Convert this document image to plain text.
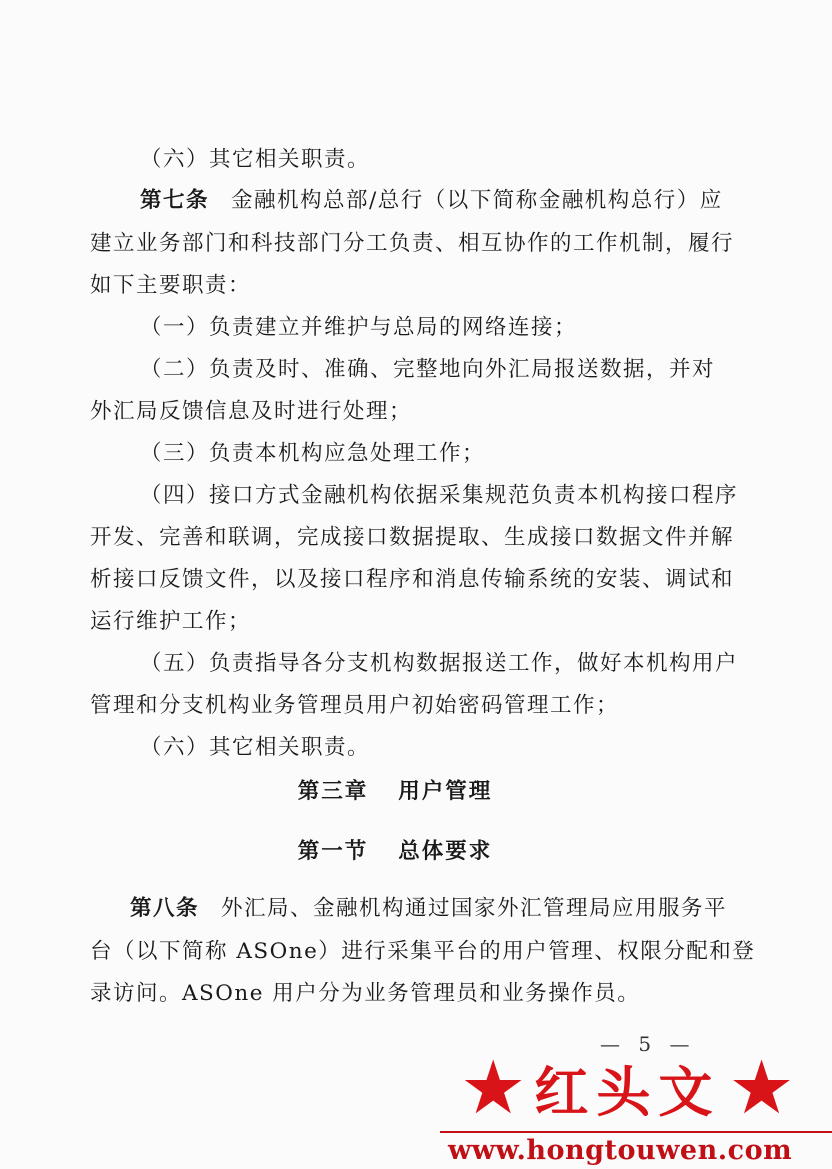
（六）其它相关职责。
第七条 金融机构总部/总行（以下简称金融机构总行）应
建立业务部门和科技部门分工负责、相互协作的工作机制，履行
如下主要职责：
（一）负责建立并维护与总局的网络连接；
（二）负责及时、准确、完整地向外汇局报送数据，并对
外汇局反馈信息及时进行处理；
（三）负责本机构应急处理工作；
（四）接口方式金融机构依据采集规范负责本机构接口程序
开发、完善和联调，完成接口数据提取、生成接口数据文件并解
析接口反馈文件，以及接口程序和消息传输系统的安装、调试和
运行维护工作；
（五）负责指导各分支机构数据报送工作，做好本机构用户
管理和分支机构业务管理员用户初始密码管理工作；
（六）其它相关职责。
第三章 用户管理
第一节 总体要求
第八条 外汇局、金融机构通过国家外汇管理局应用服务平
台（以下简称 ASOne）进行采集平台的用户管理、权限分配和登
录访问。ASOne 用户分为业务管理员和业务操作员。
— 5 —
★ 红头文 ★
www.hongtouwen.com
